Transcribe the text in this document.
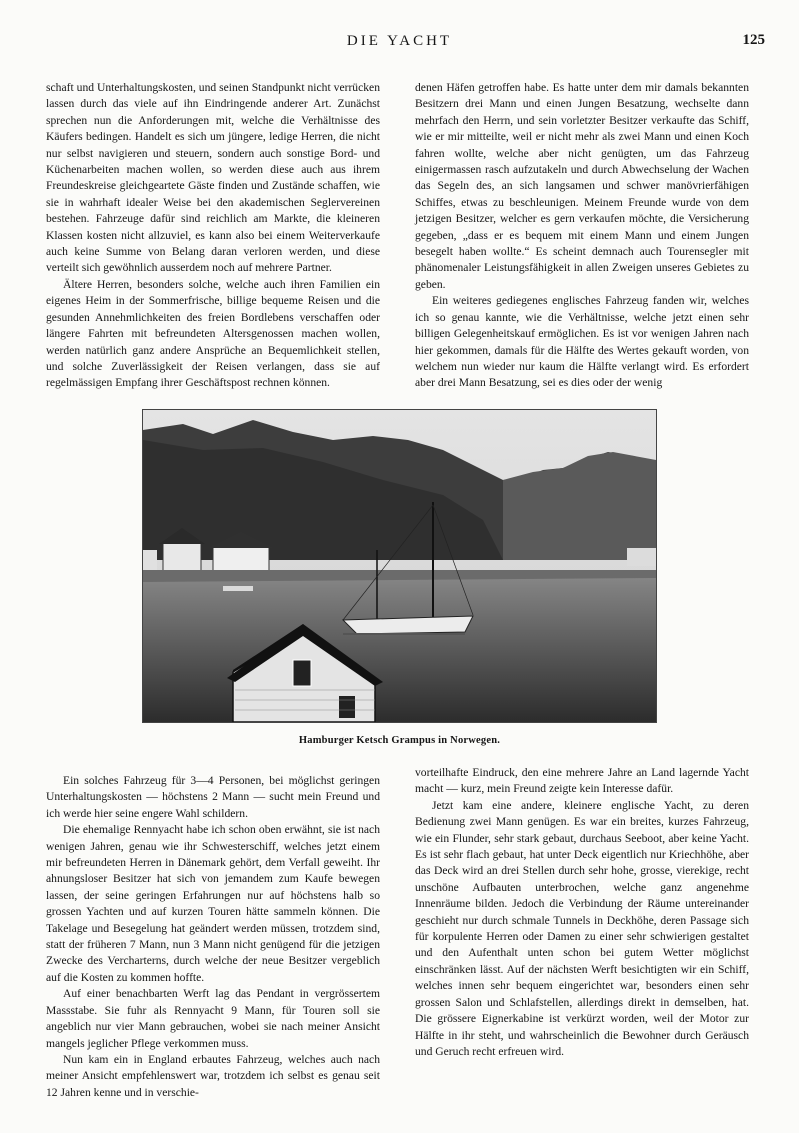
DIE YACHT	125

schaft und Unterhaltungskosten, und seinen Standpunkt nicht verrücken lassen durch das viele auf ihn Eindringende anderer Art. Zunächst sprechen nun die Anforderungen mit, welche die Verhältnisse des Käufers bedingen. Handelt es sich um jüngere, ledige Herren, die nicht nur selbst navigieren und steuern, sondern auch sonstige Bord- und Küchenarbeiten machen wollen, so werden diese auch aus ihrem Freundeskreise gleichgeartete Gäste finden und Zustände schaffen, wie sie in wahrhaft idealer Weise bei den akademischen Seglervereinen bestehen. Fahrzeuge dafür sind reichlich am Markte, die kleineren Klassen kosten nicht allzuviel, es kann also bei einem Weiterverkaufe auch keine Summe von Belang daran verloren werden, und diese verteilt sich gewöhnlich ausserdem noch auf mehrere Partner.

Ältere Herren, besonders solche, welche auch ihren Familien ein eigenes Heim in der Sommerfrische, billige bequeme Reisen und die gesunden Annehmlichkeiten des freien Bordlebens verschaffen oder längere Fahrten mit befreundeten Altersgenossen machen wollen, werden natürlich ganz andere Ansprüche an Bequemlichkeit stellen, und solche Zuverlässigkeit der Reisen verlangen, dass sie auf regelmässigen Empfang ihrer Geschäftspost rechnen können.

denen Häfen getroffen habe. Es hatte unter dem mir damals bekannten Besitzern drei Mann und einen Jungen Besatzung, wechselte dann mehrfach den Herrn, und sein vorletzter Besitzer verkaufte das Schiff, wie er mir mitteilte, weil er nicht mehr als zwei Mann und einen Koch fahren wollte, welche aber nicht genügten, um das Fahrzeug einigermassen rasch aufzutakeln und durch Abwechselung der Wachen das Segeln des, an sich langsamen und schwer manövrierfähigen Schiffes, etwas zu beschleunigen. Meinem Freunde wurde von dem jetzigen Besitzer, welcher es gern verkaufen möchte, die Versicherung gegeben, „dass er es bequem mit einem Mann und einem Jungen besegelt haben wollte.“ Es scheint demnach auch Tourensegler mit phänomenaler Leistungsfähigkeit in allen Zweigen unseres Gebietes zu geben.

Ein weiteres gediegenes englisches Fahrzeug fanden wir, welches ich so genau kannte, wie die Verhältnisse, welche jetzt einen sehr billigen Gelegenheitskauf ermöglichen. Es ist vor wenigen Jahren nach hier gekommen, damals für die Hälfte des Wertes gekauft worden, von welchem nun wieder nur kaum die Hälfte verlangt wird. Es erfordert aber drei Mann Besatzung, sei es dies oder der wenig

Hamburger Ketsch Grampus in Norwegen.

Ein solches Fahrzeug für 3—4 Personen, bei möglichst geringen Unterhaltungskosten — höchstens 2 Mann — sucht mein Freund und ich werde hier seine engere Wahl schildern.

Die ehemalige Rennyacht habe ich schon oben erwähnt, sie ist nach wenigen Jahren, genau wie ihr Schwesterschiff, welches jetzt einem mir befreundeten Herren in Dänemark gehört, dem Verfall geweiht. Ihr ahnungsloser Besitzer hat sich von jemandem zum Kaufe bewegen lassen, der seine geringen Erfahrungen nur auf höchstens halb so grossen Yachten und auf kurzen Touren hätte sammeln können. Die Takelage und Besegelung hat geändert werden müssen, trotzdem sind, statt der früheren 7 Mann, nun 3 Mann nicht genügend für die jetzigen Zwecke des Vercharterns, durch welche der neue Besitzer vergeblich auf die Kosten zu kommen hoffte.

Auf einer benachbarten Werft lag das Pendant in vergrössertem Massstabe. Sie fuhr als Rennyacht 9 Mann, für Touren soll sie angeblich nur vier Mann gebrauchen, wobei sie nach meiner Ansicht mangels jeglicher Pflege verkommen muss.

Nun kam ein in England erbautes Fahrzeug, welches auch nach meiner Ansicht empfehlenswert war, trotzdem ich selbst es genau seit 12 Jahren kenne und in verschie-

vorteilhafte Eindruck, den eine mehrere Jahre an Land lagernde Yacht macht — kurz, mein Freund zeigte kein Interesse dafür.

Jetzt kam eine andere, kleinere englische Yacht, zu deren Bedienung zwei Mann genügen. Es war ein breites, kurzes Fahrzeug, wie ein Flunder, sehr stark gebaut, durchaus Seeboot, aber keine Yacht. Es ist sehr flach gebaut, hat unter Deck eigentlich nur Kriechhöhe, aber das Deck wird an drei Stellen durch sehr hohe, grosse, vierekige, recht unschöne Aufbauten unterbrochen, welche ganz angenehme Innenräume bilden. Jedoch die Verbindung der Räume untereinander geschieht nur durch schmale Tunnels in Deckhöhe, deren Passage sich für korpulente Herren oder Damen zu einer sehr schwierigen gestaltet und den Aufenthalt unten schon bei gutem Wetter möglichst einschränken lässt. Auf der nächsten Werft besichtigten wir ein Schiff, welches innen sehr bequem eingerichtet war, besonders einen sehr grossen Salon und Schlafstellen, allerdings direkt in demselben, hat. Die grössere Eignerkabine ist verkürzt worden, weil der Motor zur Hälfte in ihr steht, und wahrscheinlich die Bewohner durch Geräusch und Geruch recht erfreuen wird.
